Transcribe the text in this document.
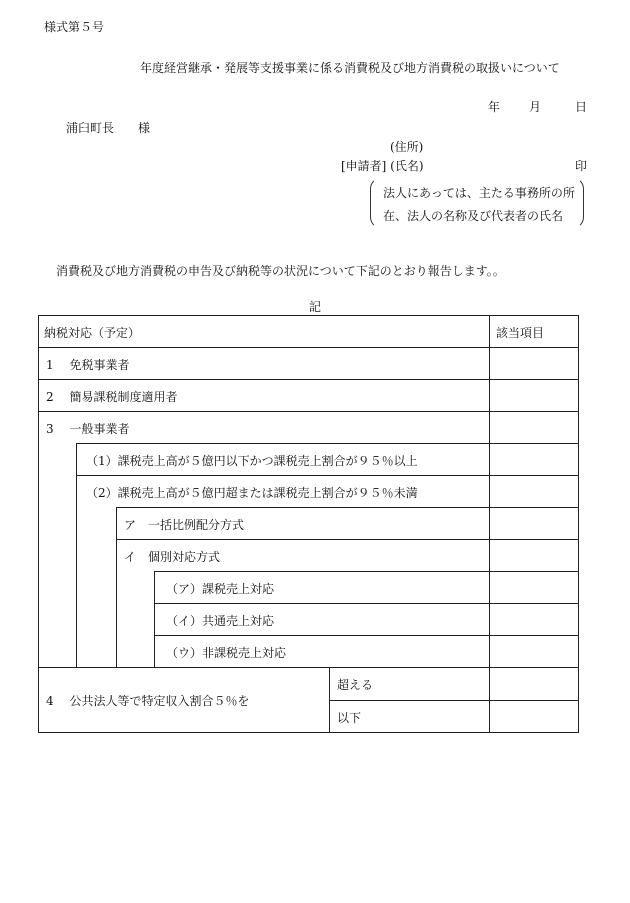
様式第５号
年度経営継承・発展等支援事業に係る消費税及び地方消費税の取扱いについて
年 月	日
浦臼町長　　様
(住所)
[申請者] (氏名)	印
法人にあっては、主たる事務所の所
在、法人の名称及び代表者の氏名
消費税及び地方消費税の申告及び納税等の状況について下記のとおり報告します。。
記
納税対応（予定）	該当項目
1　 免税事業者
2　 簡易課税制度適用者
3　 一般事業者
（1）課税売上高が５億円以下かつ課税売上割合が９５％以上
（2）課税売上高が５億円超または課税売上割合が９５％未満
ア　一括比例配分方式
イ　個別対応方式
（ア）課税売上対応
（イ）共通売上対応
（ウ）非課税売上対応
4　 公共法人等で特定収入割合５％を
超える
以下
